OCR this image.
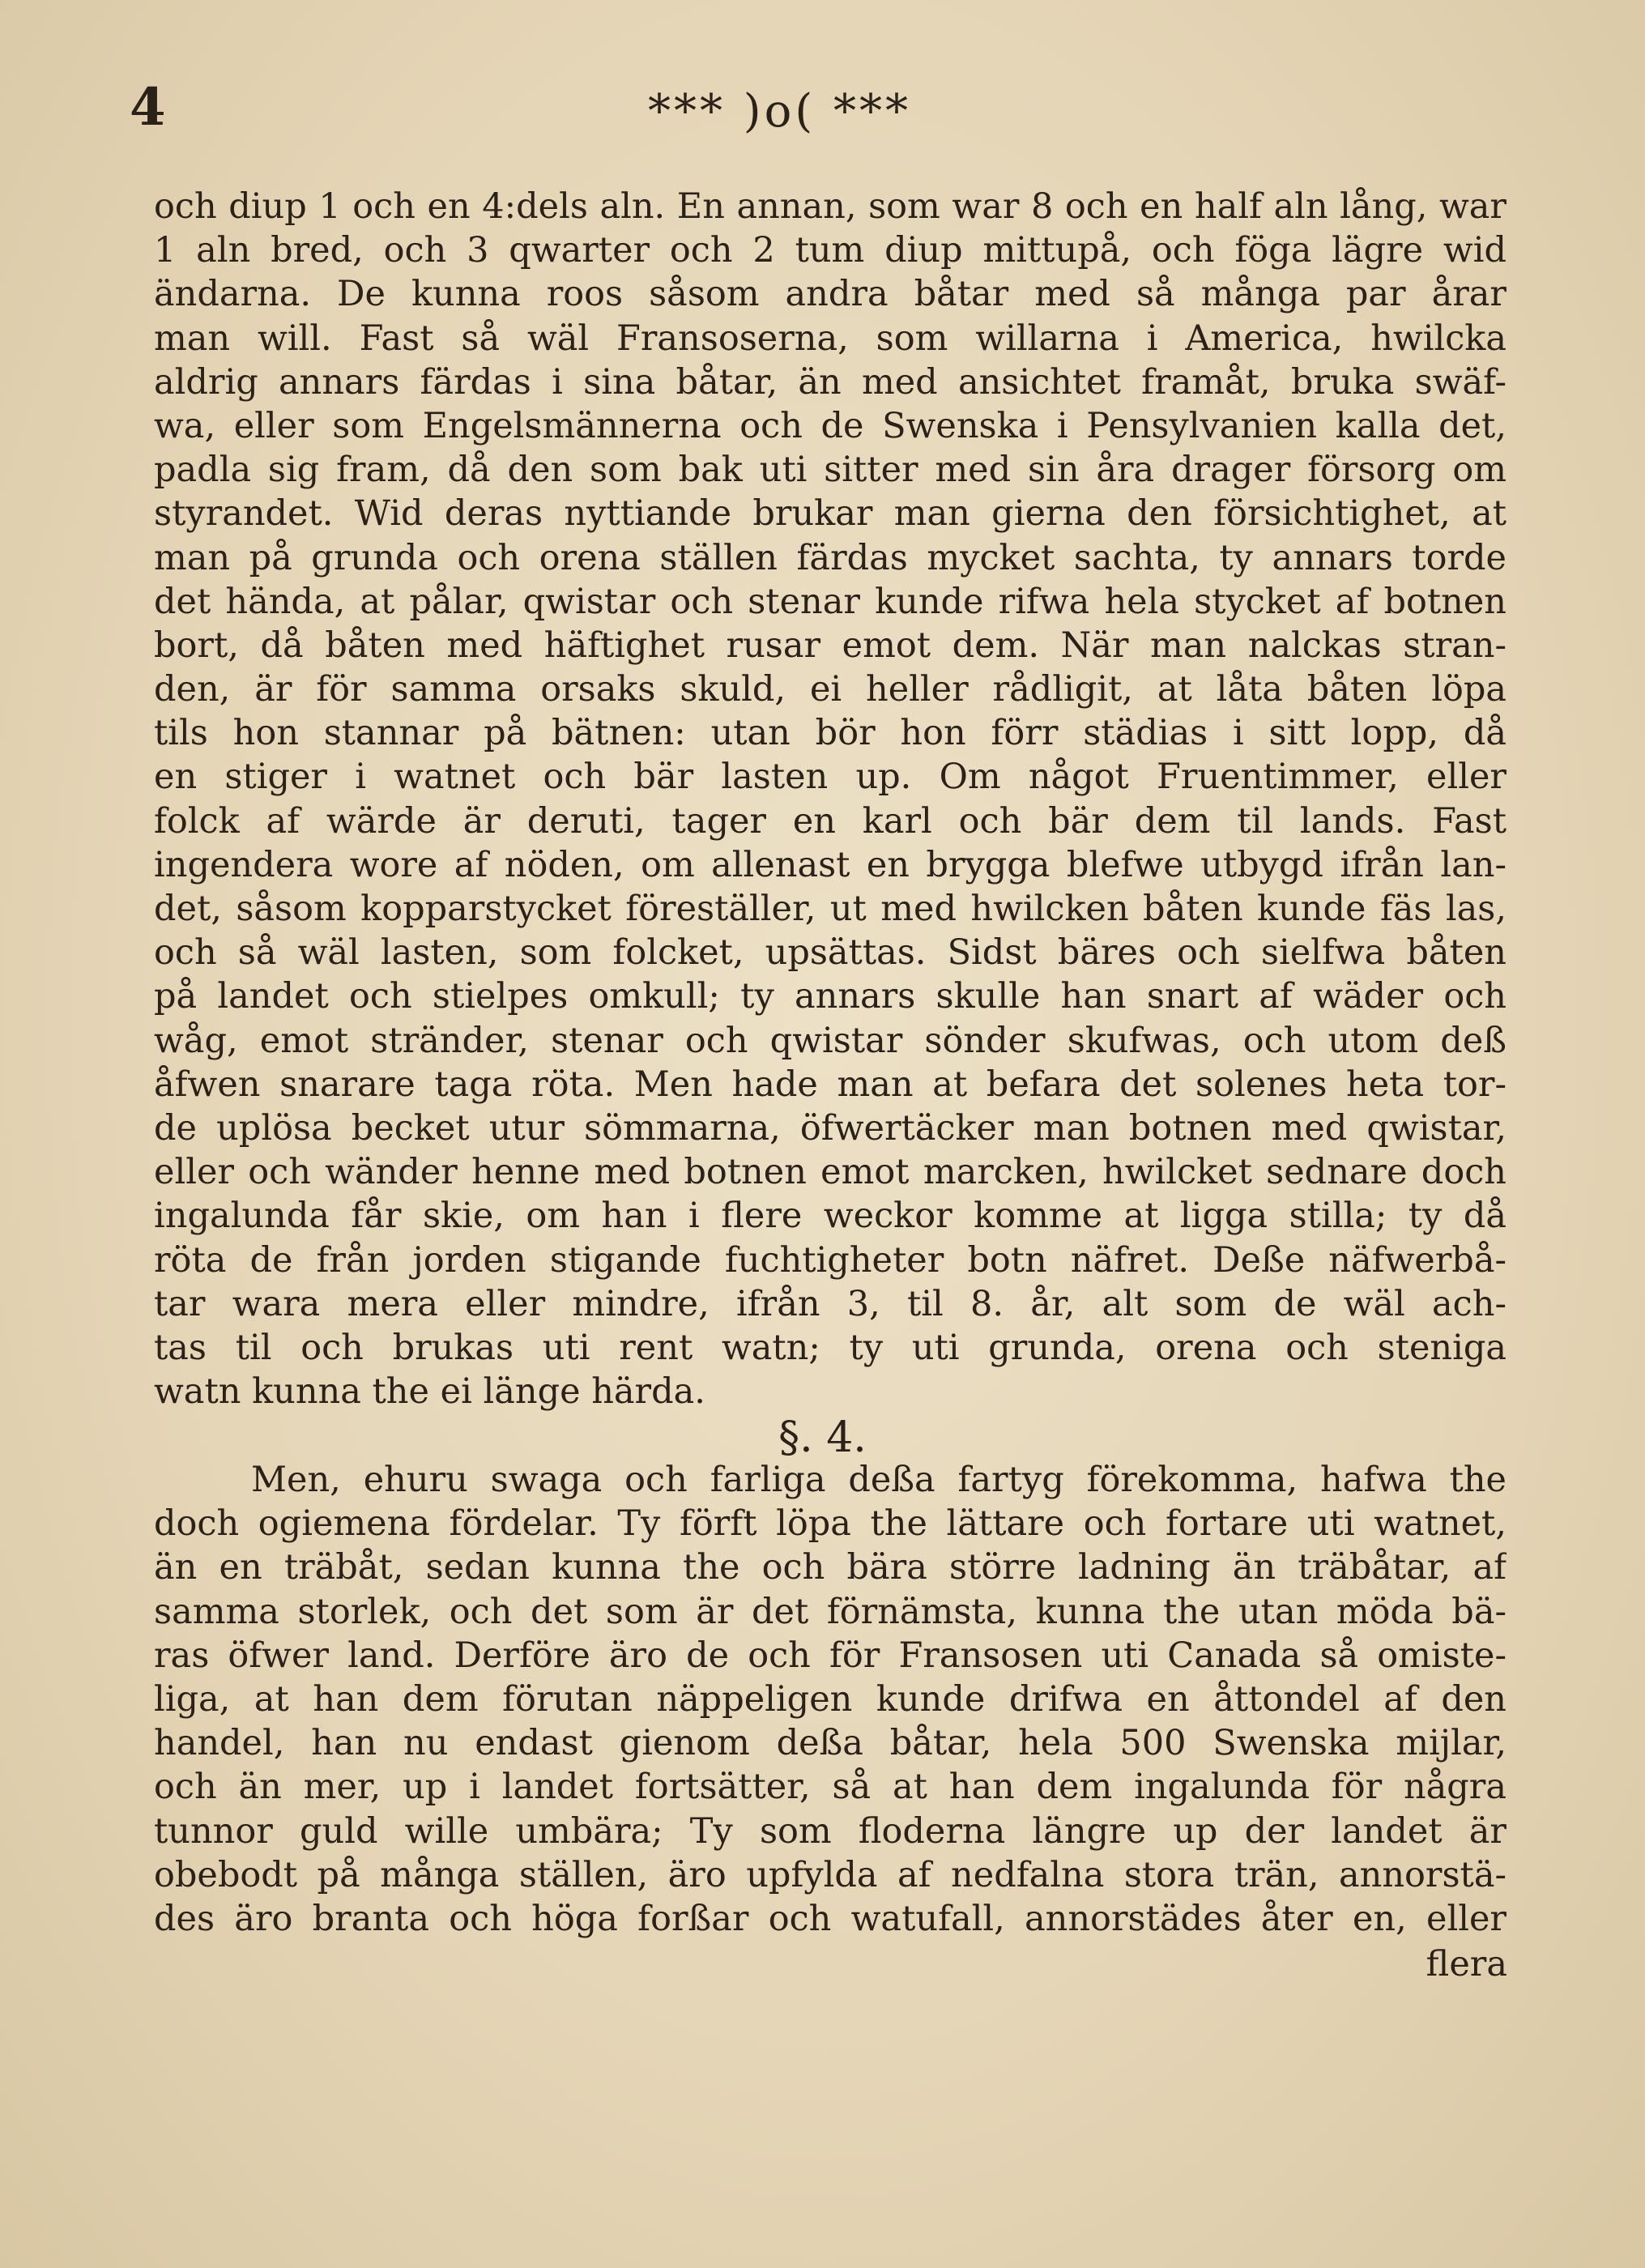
4	*** )o( ***
och diup 1 och en 4:dels aln. En annan, som war 8 och en half aln lång, war
1 aln bred, och 3 qwarter och 2 tum diup mittupå, och föga lägre wid
ändarna. De kunna roos såsom andra båtar med så många par årar
man will. Fast så wäl Fransoserna, som willarna i America, hwilcka
aldrig annars färdas i sina båtar, än med ansichtet framåt, bruka swäf-
wa, eller som Engelsmännerna och de Swenska i Pensylvanien kalla det,
padla sig fram, då den som bak uti sitter med sin åra drager försorg om
styrandet. Wid deras nyttiande brukar man gierna den försichtighet, at
man på grunda och orena ställen färdas mycket sachta, ty annars torde
det hända, at pålar, qwistar och stenar kunde rifwa hela stycket af botnen
bort, då båten med häftighet rusar emot dem. När man nalckas stran-
den, är för samma orsaks skuld, ei heller rådligit, at låta båten löpa
tils hon stannar på bätnen: utan bör hon förr städias i sitt lopp, då
en stiger i watnet och bär lasten up. Om något Fruentimmer, eller
folck af wärde är deruti, tager en karl och bär dem til lands. Fast
ingendera wore af nöden, om allenast en brygga blefwe utbygd ifrån lan-
det, såsom kopparstycket föreställer, ut med hwilcken båten kunde fäs las,
och så wäl lasten, som folcket, upsättas. Sidst bäres och sielfwa båten
på landet och stielpes omkull; ty annars skulle han snart af wäder och
wåg, emot stränder, stenar och qwistar sönder skufwas, och utom deß
åfwen snarare taga röta. Men hade man at befara det solenes heta tor-
de uplösa becket utur sömmarna, öfwertäcker man botnen med qwistar,
eller och wänder henne med botnen emot marcken, hwilcket sednare doch
ingalunda får skie, om han i flere weckor komme at ligga stilla; ty då
röta de från jorden stigande fuchtigheter botn näfret. Deße näfwerbå-
tar wara mera eller mindre, ifrån 3, til 8. år, alt som de wäl ach-
tas til och brukas uti rent watn; ty uti grunda, orena och steniga
watn kunna the ei länge härda.
§. 4.
Men, ehuru swaga och farliga deßa fartyg förekomma, hafwa the
doch ogiemena fördelar. Ty förft löpa the lättare och fortare uti watnet,
än en träbåt, sedan kunna the och bära större ladning än träbåtar, af
samma storlek, och det som är det förnämsta, kunna the utan möda bä-
ras öfwer land. Derföre äro de och för Fransosen uti Canada så omiste-
liga, at han dem förutan näppeligen kunde drifwa en åttondel af den
handel, han nu endast gienom deßa båtar, hela 500 Swenska mijlar,
och än mer, up i landet fortsätter, så at han dem ingalunda för några
tunnor guld wille umbära; Ty som floderna längre up der landet är
obebodt på många ställen, äro upfylda af nedfalna stora trän, annorstä-
des äro branta och höga forßar och watufall, annorstädes åter en, eller
flera
